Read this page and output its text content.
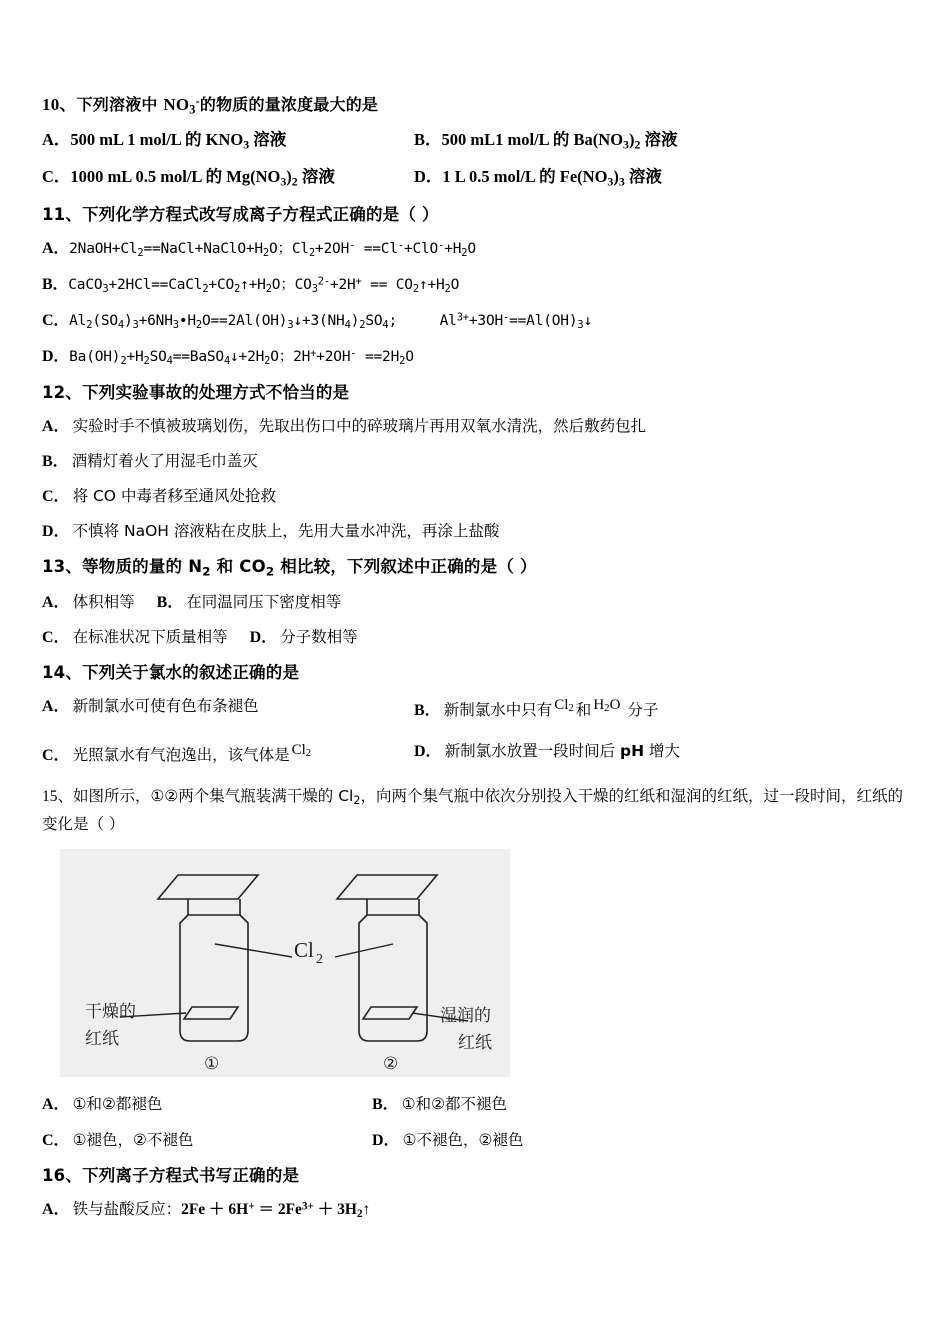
10、下列溶液中 $NO_3^-$的物质的量浓度最大的是
A．500 mL 1 mol/L 的 $KNO_3$ 溶液	B．500 mL1 mol/L 的 $Ba(NO_3)_2$ 溶液
C．1000 mL 0.5 mol/L 的 $Mg(NO_3)_2$ 溶液	D．1 L 0.5 mol/L 的 $Fe(NO_3)_3$ 溶液
11、下列化学方程式改写成离子方程式正确的是（ ）
A．$2NaOH+Cl_2==NaCl+NaClO+H_2O$；$Cl_2+2OH^- ==Cl^-+ClO^-+H_2O$
B．$CaCO_3+2HCl==CaCl_2+CO_2↑+H_2O$；$CO_3^{2-}+2H^+$ == $CO_2↑+H_2O$
C．$Al_2(SO_4)_3+6NH_3•H_2O==2Al(OH)_3↓+3(NH_4)_2SO_4$;     $Al^{3+}+3OH^-==Al(OH)_3↓$
D．$Ba(OH)_2+H_2SO_4==BaSO_4↓+2H_2O$；$2H^++2OH^- ==2H_2O$
12、下列实验事故的处理方式不恰当的是
A． 实验时手不慎被玻璃划伤，先取出伤口中的碎玻璃片再用双氧水清洗，然后敷药包扎
B． 酒精灯着火了用湿毛巾盖灭
C． 将 CO 中毒者移至通风处抢救
D． 不慎将 NaOH 溶液粘在皮肤上，先用大量水冲洗，再涂上盐酸
13、等物质的量的 $N_2$ 和 $CO_2$ 相比较，下列叙述中正确的是（ ）
A． 体积相等 B． 在同温同压下密度相等
C． 在标准状况下质量相等 D． 分子数相等
14、下列关于氯水的叙述正确的是
A． 新制氯水可使有色布条褪色	B． 新制氯水中只有 $Cl_2$ 和 $H_2O$ 分子
C． 光照氯水有气泡逸出，该气体是 $Cl_2$	D． 新制氯水放置一段时间后 pH 增大
15、如图所示，①②两个集气瓶装满干燥的 $Cl_2$，向两个集气瓶中依次分别投入干燥的红纸和湿润的红纸，过一段时间，红纸的变化是（ ）
Cl 2
干燥的
红纸
湿润的
红纸
①	②
A． ①和②都褪色	B． ①和②都不褪色
C． ①褪色，②不褪色	D． ①不褪色，②褪色
16、下列离子方程式书写正确的是
A． 铁与盐酸反应：$2Fe + 6H^+ = 2Fe^{3+}$ ＋ $3H_2↑$
